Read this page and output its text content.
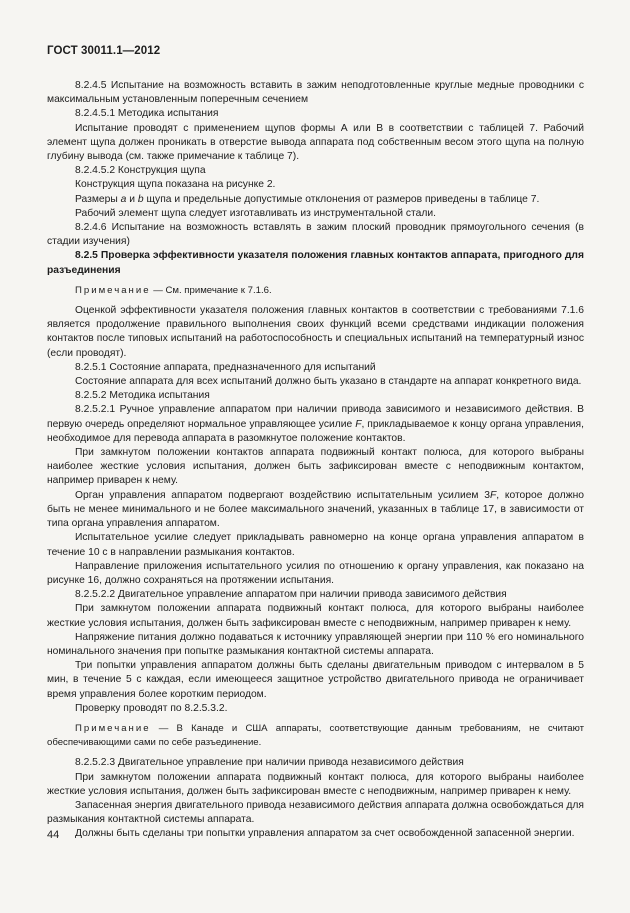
ГОСТ 30011.1—2012

8.2.4.5 Испытание на возможность вставить в зажим неподготовленные круглые медные проводники с максимальным установленным поперечным сечением

8.2.4.5.1 Методика испытания

Испытание проводят с применением щупов формы А или В в соответствии с таблицей 7. Рабочий элемент щупа должен проникать в отверстие вывода аппарата под собственным весом этого щупа на полную глубину вывода (см. также примечание к таблице 7).

8.2.4.5.2 Конструкция щупа

Конструкция щупа показана на рисунке 2.

Размеры a и b щупа и предельные допустимые отклонения от размеров приведены в таблице 7.

Рабочий элемент щупа следует изготавливать из инструментальной стали.

8.2.4.6 Испытание на возможность вставлять в зажим плоский проводник прямоугольного сечения (в стадии изучения)

8.2.5 Проверка эффективности указателя положения главных контактов аппарата, пригодного для разъединения

Примечание — См. примечание к 7.1.6.

Оценкой эффективности указателя положения главных контактов в соответствии с требованиями 7.1.6 является продолжение правильного выполнения своих функций всеми средствами индикации положения контактов после типовых испытаний на работоспособность и специальных испытаний на температурный износ (если проводят).

8.2.5.1 Состояние аппарата, предназначенного для испытаний

Состояние аппарата для всех испытаний должно быть указано в стандарте на аппарат конкретного вида.

8.2.5.2 Методика испытания

8.2.5.2.1 Ручное управление аппаратом при наличии привода зависимого и независимого действия. В первую очередь определяют нормальное управляющее усилие F, прикладываемое к концу органа управления, необходимое для перевода аппарата в разомкнутое положение контактов.

При замкнутом положении контактов аппарата подвижный контакт полюса, для которого выбраны наиболее жесткие условия испытания, должен быть зафиксирован вместе с неподвижным контактом, например приварен к нему.

Орган управления аппаратом подвергают воздействию испытательным усилием 3F, которое должно быть не менее минимального и не более максимального значений, указанных в таблице 17, в зависимости от типа органа управления аппаратом.

Испытательное усилие следует прикладывать равномерно на конце органа управления аппаратом в течение 10 с в направлении размыкания контактов.

Направление приложения испытательного усилия по отношению к органу управления, как показано на рисунке 16, должно сохраняться на протяжении испытания.

8.2.5.2.2 Двигательное управление аппаратом при наличии привода зависимого действия

При замкнутом положении аппарата подвижный контакт полюса, для которого выбраны наиболее жесткие условия испытания, должен быть зафиксирован вместе с неподвижным, например приварен к нему.

Напряжение питания должно подаваться к источнику управляющей энергии при 110 % его номинального номинального значения при попытке размыкания контактной системы аппарата.

Три попытки управления аппаратом должны быть сделаны двигательным приводом с интервалом в 5 мин, в течение 5 с каждая, если имеющееся защитное устройство двигательного привода не ограничивает время управления более коротким периодом.

Проверку проводят по 8.2.5.3.2.

Примечание — В Канаде и США аппараты, соответствующие данным требованиям, не считают обеспечивающими сами по себе разъединение.

8.2.5.2.3 Двигательное управление при наличии привода независимого действия

При замкнутом положении аппарата подвижный контакт полюса, для которого выбраны наиболее жесткие условия испытания, должен быть зафиксирован вместе с неподвижным, например приварен к нему.

Запасенная энергия двигательного привода независимого действия аппарата должна освобождаться для размыкания контактной системы аппарата.

Должны быть сделаны три попытки управления аппаратом за счет освобожденной запасенной энергии.

44
